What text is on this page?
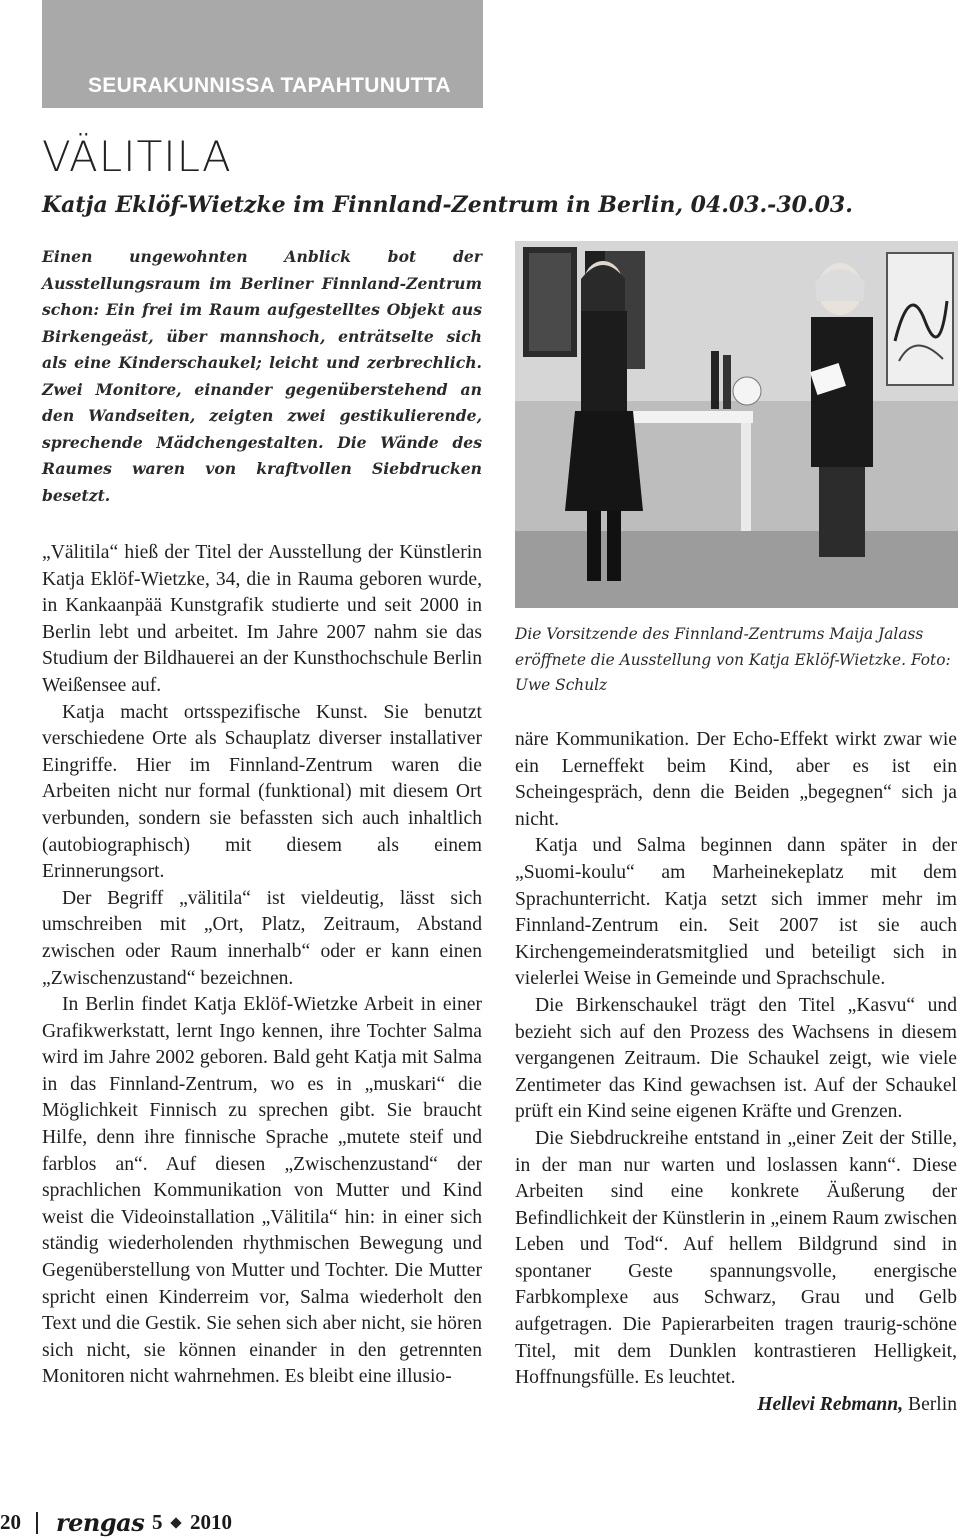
SEURAKUNNISSA TAPAHTUNUTTA
VÄLITILA
Katja Eklöf-Wietzke im Finnland-Zentrum in Berlin, 04.03.-30.03.

Einen ungewohnten Anblick bot der Ausstellungsraum im Berliner Finnland-Zentrum schon: Ein frei im Raum aufgestelltes Objekt aus Birkengeäst, über mannshoch, enträtselte sich als eine Kinderschaukel; leicht und zerbrechlich. Zwei Monitore, einander gegenüberstehend an den Wandseiten, zeigten zwei gestikulierende, sprechende Mädchengestalten. Die Wände des Raumes waren von kraftvollen Siebdrucken besetzt.

„Välitila“ hieß der Titel der Ausstellung der Künstlerin Katja Eklöf-Wietzke, 34, die in Rauma geboren wurde, in Kankaanpää Kunstgrafik studierte und seit 2000 in Berlin lebt und arbeitet. Im Jahre 2007 nahm sie das Studium der Bildhauerei an der Kunsthochschule Berlin Weißensee auf.

Katja macht ortsspezifische Kunst. Sie benutzt verschiedene Orte als Schauplatz diverser installativer Eingriffe. Hier im Finnland-Zentrum waren die Arbeiten nicht nur formal (funktional) mit diesem Ort verbunden, sondern sie befassten sich auch inhaltlich (autobiographisch) mit diesem als einem Erinnerungsort.

Der Begriff „välitila“ ist vieldeutig, lässt sich umschreiben mit „Ort, Platz, Zeitraum, Abstand zwischen oder Raum innerhalb“ oder er kann einen „Zwischenzustand“ bezeichnen.

In Berlin findet Katja Eklöf-Wietzke Arbeit in einer Grafikwerkstatt, lernt Ingo kennen, ihre Tochter Salma wird im Jahre 2002 geboren. Bald geht Katja mit Salma in das Finnland-Zentrum, wo es in „muskari“ die Möglichkeit Finnisch zu sprechen gibt. Sie braucht Hilfe, denn ihre finnische Sprache „mutete steif und farblos an“. Auf diesen „Zwischenzustand“ der sprachlichen Kommunikation von Mutter und Kind weist die Videoinstallation „Välitila“ hin: in einer sich ständig wiederholenden rhythmischen Bewegung und Gegenüberstellung von Mutter und Tochter. Die Mutter spricht einen Kinderreim vor, Salma wiederholt den Text und die Gestik. Sie sehen sich aber nicht, sie hören sich nicht, sie können einander in den getrennten Monitoren nicht wahrnehmen. Es bleibt eine illusio-

Die Vorsitzende des Finnland-Zentrums Maija Jalass eröffnete die Ausstellung von Katja Eklöf-Wietzke. Foto: Uwe Schulz

näre Kommunikation. Der Echo-Effekt wirkt zwar wie ein Lerneffekt beim Kind, aber es ist ein Scheingespräch, denn die Beiden „begegnen“ sich ja nicht.

Katja und Salma beginnen dann später in der „Suomi-koulu“ am Marheinekeplatz mit dem Sprachunterricht. Katja setzt sich immer mehr im Finnland-Zentrum ein. Seit 2007 ist sie auch Kirchengemeinderatsmitglied und beteiligt sich in vielerlei Weise in Gemeinde und Sprachschule.

Die Birkenschaukel trägt den Titel „Kasvu“ und bezieht sich auf den Prozess des Wachsens in diesem vergangenen Zeitraum. Die Schaukel zeigt, wie viele Zentimeter das Kind gewachsen ist. Auf der Schaukel prüft ein Kind seine eigenen Kräfte und Grenzen.

Die Siebdruckreihe entstand in „einer Zeit der Stille, in der man nur warten und loslassen kann“. Diese Arbeiten sind eine konkrete Äußerung der Befindlichkeit der Künstlerin in „einem Raum zwischen Leben und Tod“. Auf hellem Bildgrund sind in spontaner Geste spannungsvolle, energische Farbkomplexe aus Schwarz, Grau und Gelb aufgetragen. Die Papierarbeiten tragen traurig-schöne Titel, mit dem Dunklen kontrastieren Helligkeit, Hoffnungsfülle. Es leuchtet.

Hellevi Rebmann, Berlin
20 rengas 5 2010
